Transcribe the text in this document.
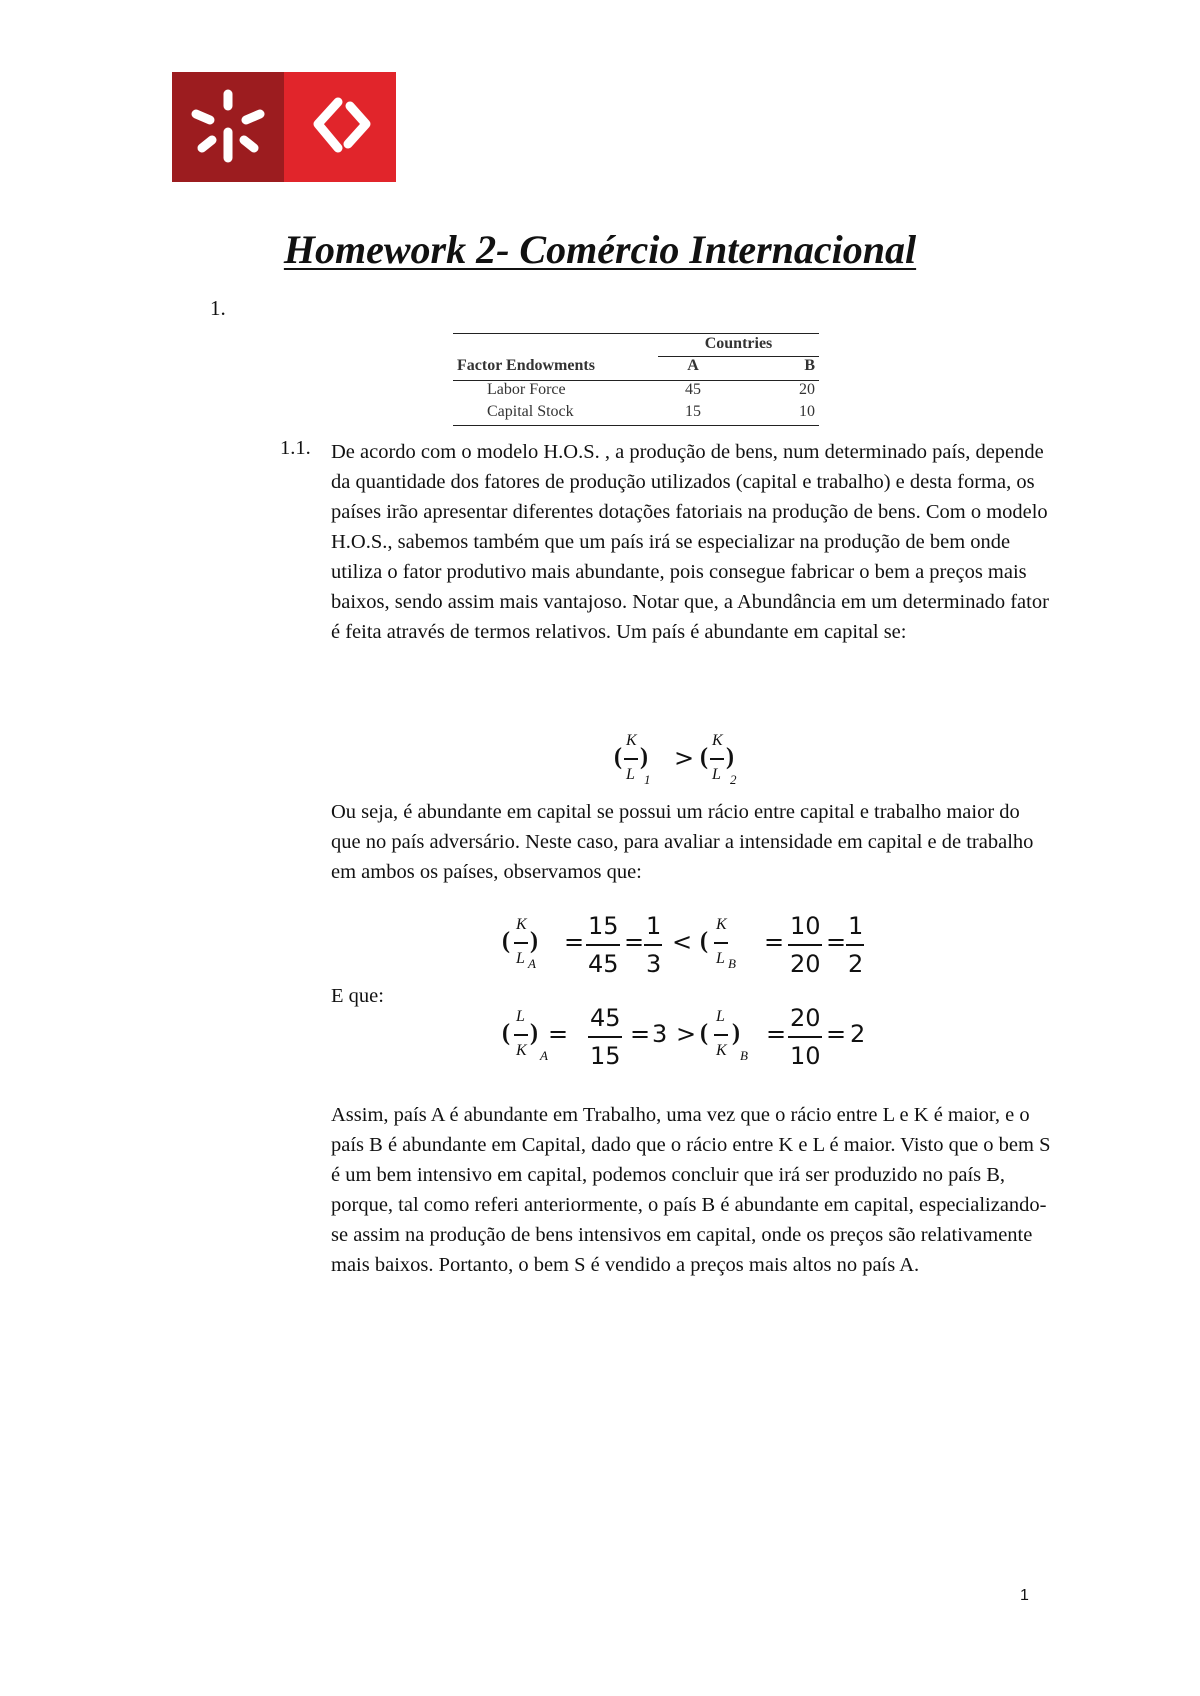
Homework 2- Comércio Internacional
1.
Countries
Factor Endowments	A	B
Labor Force	45	20
Capital Stock	15	10
1.1. De acordo com o modelo H.O.S. , a produção de bens, num determinado país, depende da quantidade dos fatores de produção utilizados (capital e trabalho) e desta forma, os países irão apresentar diferentes dotações fatoriais na produção de bens. Com o modelo H.O.S., sabemos também que um país irá se especializar na produção de bem onde utiliza o fator produtivo mais abundante, pois consegue fabricar o bem a preços mais baixos, sendo assim mais vantajoso. Notar que, a Abundância em um determinado fator é feita através de termos relativos. Um país é abundante em capital se:
K
( )
L 1
>
K
( )
L 2
Ou seja, é abundante em capital se possui um rácio entre capital e trabalho maior do que no país adversário. Neste caso, para avaliar a intensidade em capital e de trabalho em ambos os países, observamos que:
(
K
L A
) =
15
45
=
1
3
< (
K
L B
=
10
20
=
1
2
E que:
(
L
K A
) =
45
15
= 3 > (
L
K B
) =
20
10
= 2
Assim, país A é abundante em Trabalho, uma vez que o rácio entre L e K é maior, e o país B é abundante em Capital, dado que o rácio entre K e L é maior. Visto que o bem S é um bem intensivo em capital, podemos concluir que irá ser produzido no país B, porque, tal como referi anteriormente, o país B é abundante em capital, especializando-se assim na produção de bens intensivos em capital, onde os preços são relativamente mais baixos. Portanto, o bem S é vendido a preços mais altos no país A.
1
